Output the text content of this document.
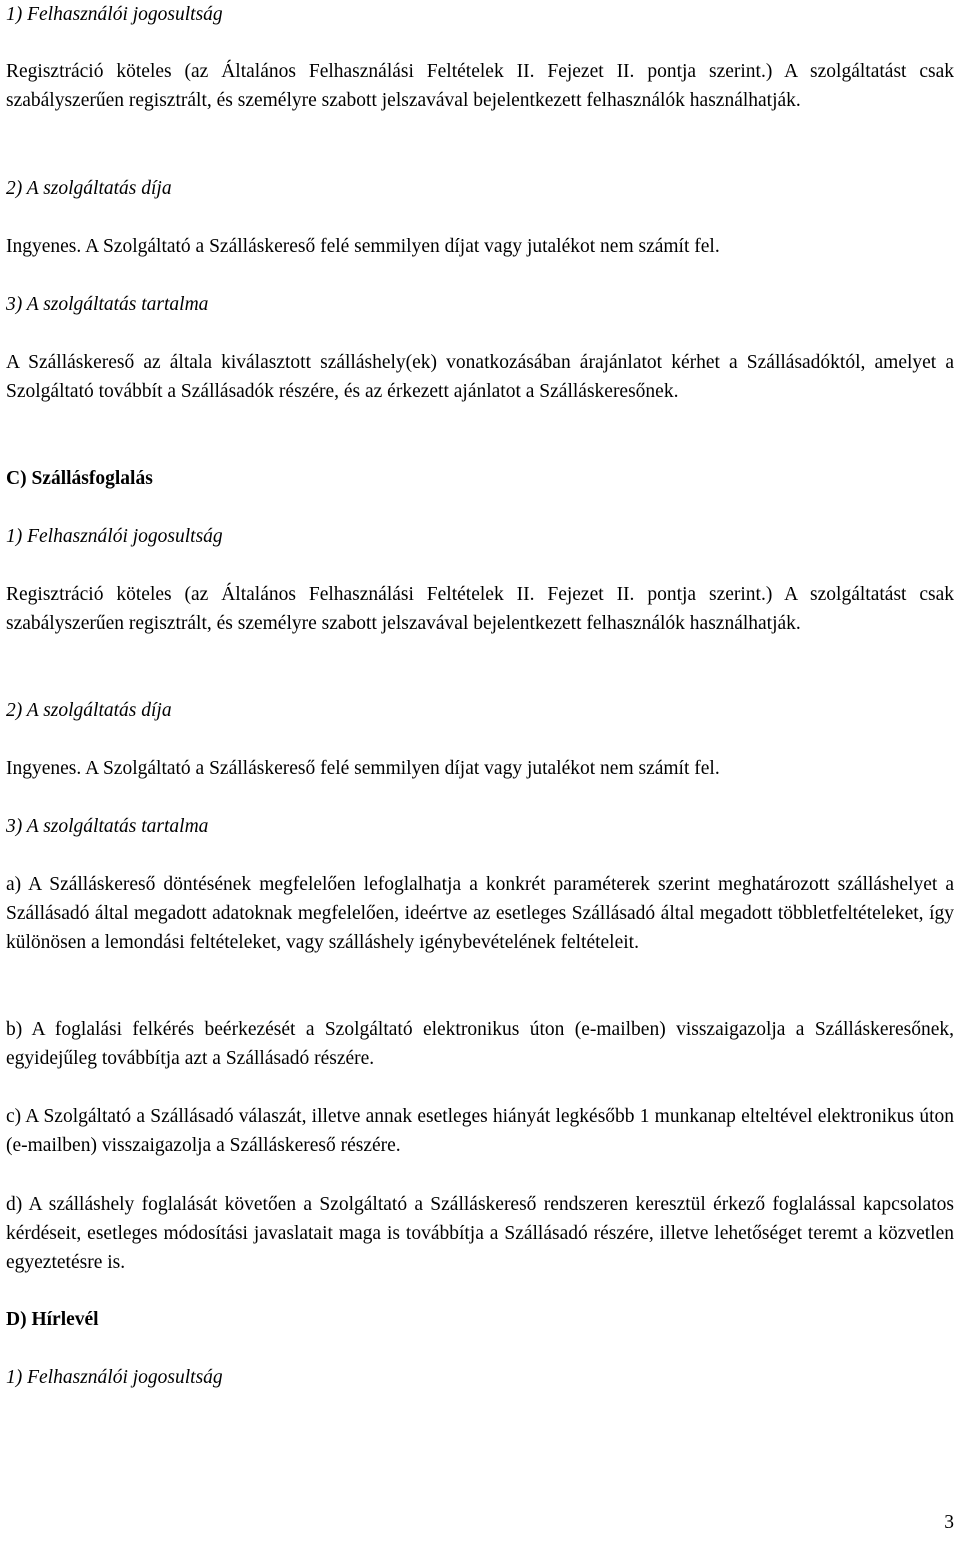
1) Felhasználói jogosultság

Regisztráció köteles (az Általános Felhasználási Feltételek II. Fejezet II. pontja szerint.) A szolgáltatást csak szabályszerűen regisztrált, és személyre szabott jelszavával bejelentkezett felhasználók használhatják.

2) A szolgáltatás díja

Ingyenes. A Szolgáltató a Szálláskereső felé semmilyen díjat vagy jutalékot nem számít fel.

3) A szolgáltatás tartalma

A Szálláskereső az általa kiválasztott szálláshely(ek) vonatkozásában árajánlatot kérhet a Szállásadóktól, amelyet a Szolgáltató továbbít a Szállásadók részére, és az érkezett ajánlatot a Szálláskeresőnek.

C) Szállásfoglalás

1) Felhasználói jogosultság

Regisztráció köteles (az Általános Felhasználási Feltételek II. Fejezet II. pontja szerint.) A szolgáltatást csak szabályszerűen regisztrált, és személyre szabott jelszavával bejelentkezett felhasználók használhatják.

2) A szolgáltatás díja

Ingyenes. A Szolgáltató a Szálláskereső felé semmilyen díjat vagy jutalékot nem számít fel.

3) A szolgáltatás tartalma

a) A Szálláskereső döntésének megfelelően lefoglalhatja a konkrét paraméterek szerint meghatározott szálláshelyet a Szállásadó által megadott adatoknak megfelelően, ideértve az esetleges Szállásadó által megadott többletfeltételeket, így különösen a lemondási feltételeket, vagy szálláshely igénybevételének feltételeit.

b) A foglalási felkérés beérkezését a Szolgáltató elektronikus úton (e-mailben) visszaigazolja a Szálláskeresőnek, egyidejűleg továbbítja azt a Szállásadó részére.

c) A Szolgáltató a Szállásadó válaszát, illetve annak esetleges hiányát legkésőbb 1 munkanap elteltével elektronikus úton (e-mailben) visszaigazolja a Szálláskereső részére.

d) A szálláshely foglalását követően a Szolgáltató a Szálláskereső rendszeren keresztül érkező foglalással kapcsolatos kérdéseit, esetleges módosítási javaslatait maga is továbbítja a Szállásadó részére, illetve lehetőséget teremt a közvetlen egyeztetésre is.

D) Hírlevél

1) Felhasználói jogosultság

3
